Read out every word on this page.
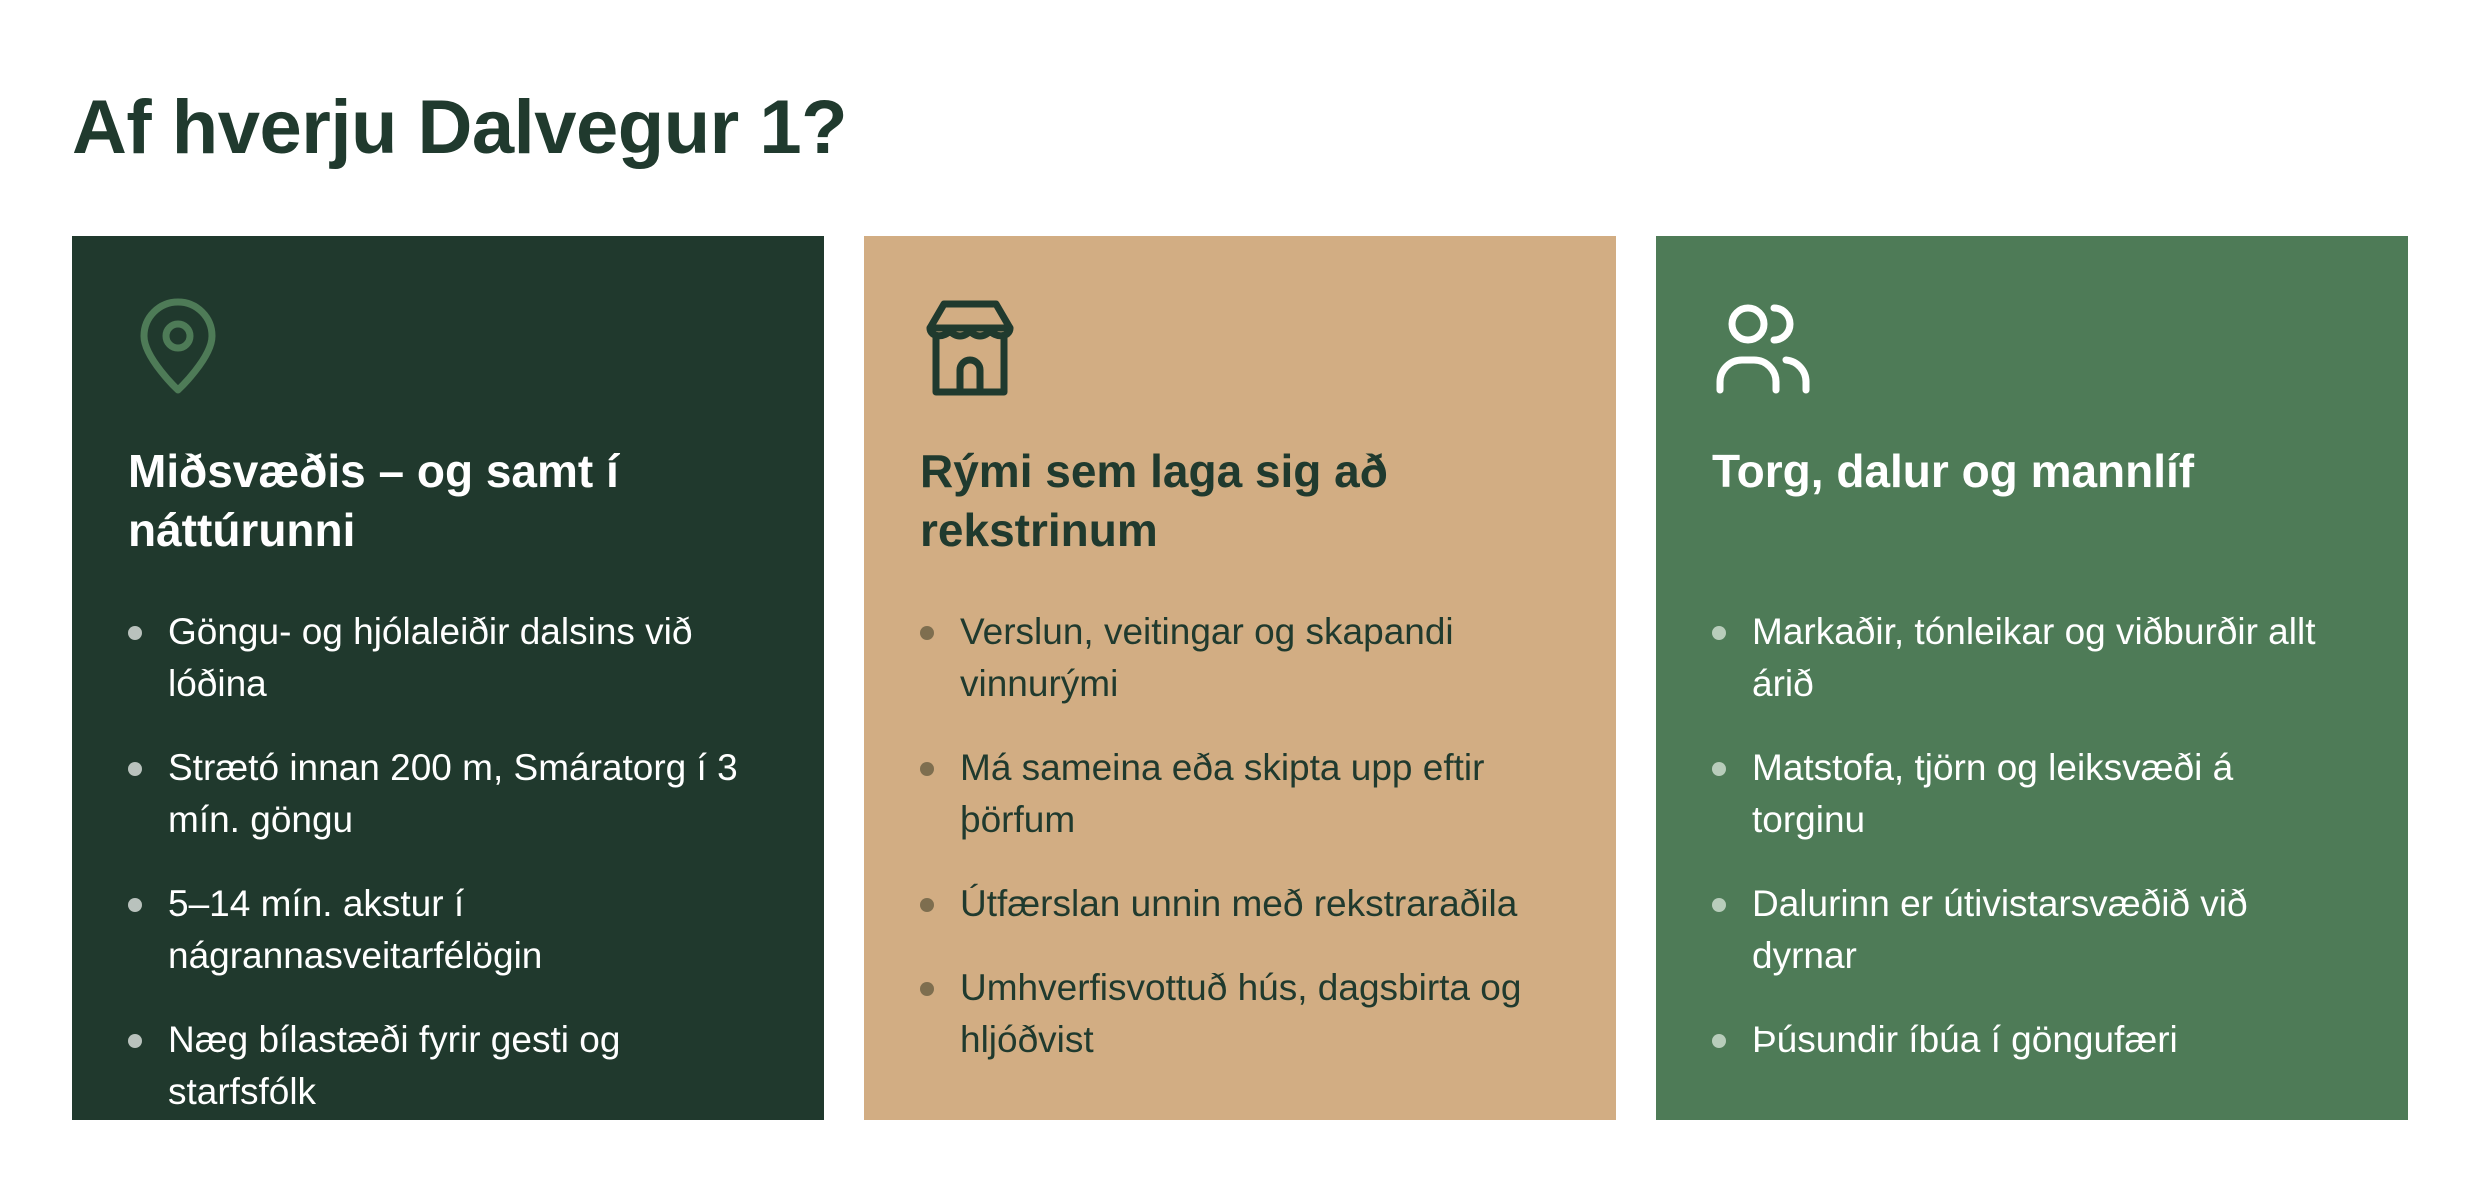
Af hverju Dalvegur 1?
Miðsvæðis – og samt í náttúrunni
Göngu- og hjólaleiðir dalsins við lóðina
Strætó innan 200 m, Smáratorg í 3 mín. göngu
5–14 mín. akstur í nágrannasveitarfélögin
Næg bílastæði fyrir gesti og starfsfólk
Rými sem laga sig að rekstrinum
Verslun, veitingar og skapandi vinnurými
Má sameina eða skipta upp eftir þörfum
Útfærslan unnin með rekstraraðila
Umhverfisvottuð hús, dagsbirta og hljóðvist
Torg, dalur og mannlíf
Markaðir, tónleikar og viðburðir allt árið
Matstofa, tjörn og leiksvæði á torginu
Dalurinn er útivistarsvæðið við dyrnar
Þúsundir íbúa í göngufæri
